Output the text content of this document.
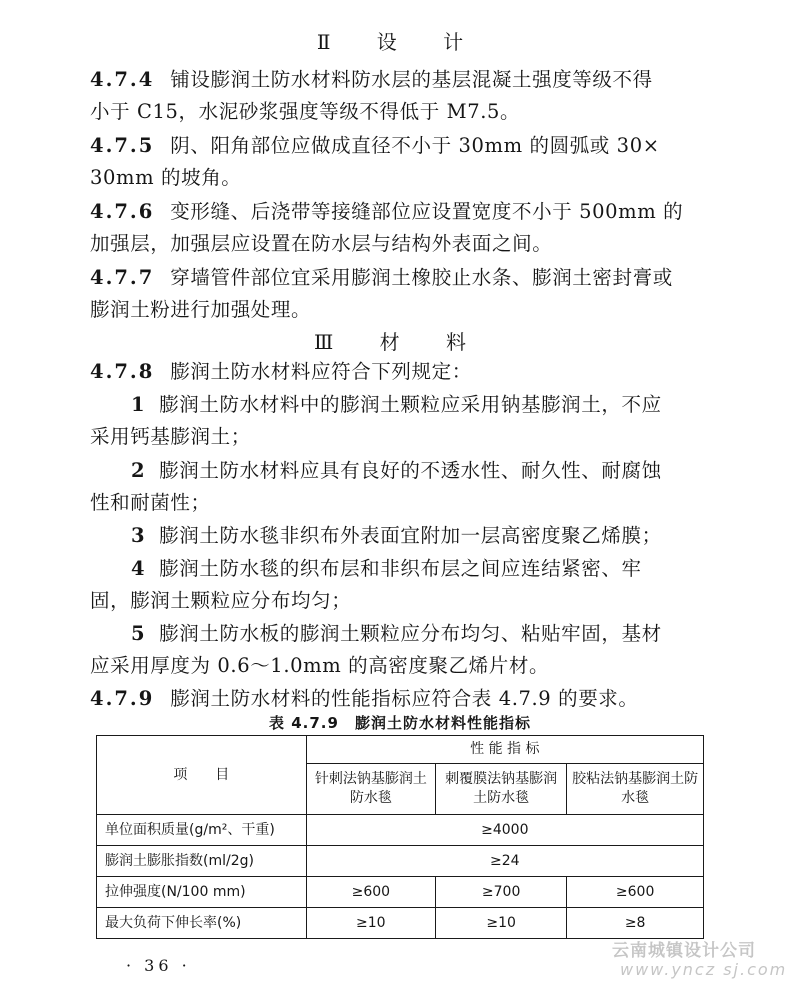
Ⅱ 设 计
4.7.4 铺设膨润土防水材料防水层的基层混凝土强度等级不得
小于 C15，水泥砂浆强度等级不得低于 M7.5。
4.7.5 阴、阳角部位应做成直径不小于 30mm 的圆弧或 30×
30mm 的坡角。
4.7.6 变形缝、后浇带等接缝部位应设置宽度不小于 500mm 的
加强层，加强层应设置在防水层与结构外表面之间。
4.7.7 穿墙管件部位宜采用膨润土橡胶止水条、膨润土密封膏或
膨润土粉进行加强处理。
Ⅲ 材 料
4.7.8 膨润土防水材料应符合下列规定：
1 膨润土防水材料中的膨润土颗粒应采用钠基膨润土，不应
采用钙基膨润土；
2 膨润土防水材料应具有良好的不透水性、耐久性、耐腐蚀
性和耐菌性；
3 膨润土防水毯非织布外表面宜附加一层高密度聚乙烯膜；
4 膨润土防水毯的织布层和非织布层之间应连结紧密、牢
固，膨润土颗粒应分布均匀；
5 膨润土防水板的膨润土颗粒应分布均匀、粘贴牢固，基材
应采用厚度为 0.6～1.0mm 的高密度聚乙烯片材。
4.7.9 膨润土防水材料的性能指标应符合表 4.7.9 的要求。
表 4.7.9 膨润土防水材料性能指标
项　　目	性 能 指 标		
	针刺法钠基膨润土防水毯	刺覆膜法钠基膨润土防水毯	胶粘法钠基膨润土防水毯
单位面积质量(g/m²、干重)	≥4000		
膨润土膨胀指数(ml/2g)	≥24		
拉伸强度(N/100 mm)	≥600	≥700	≥600
最大负荷下伸长率(%)	≥10	≥10	≥8
· 36 ·
云南城镇设计公司
www.yncz sj.com
